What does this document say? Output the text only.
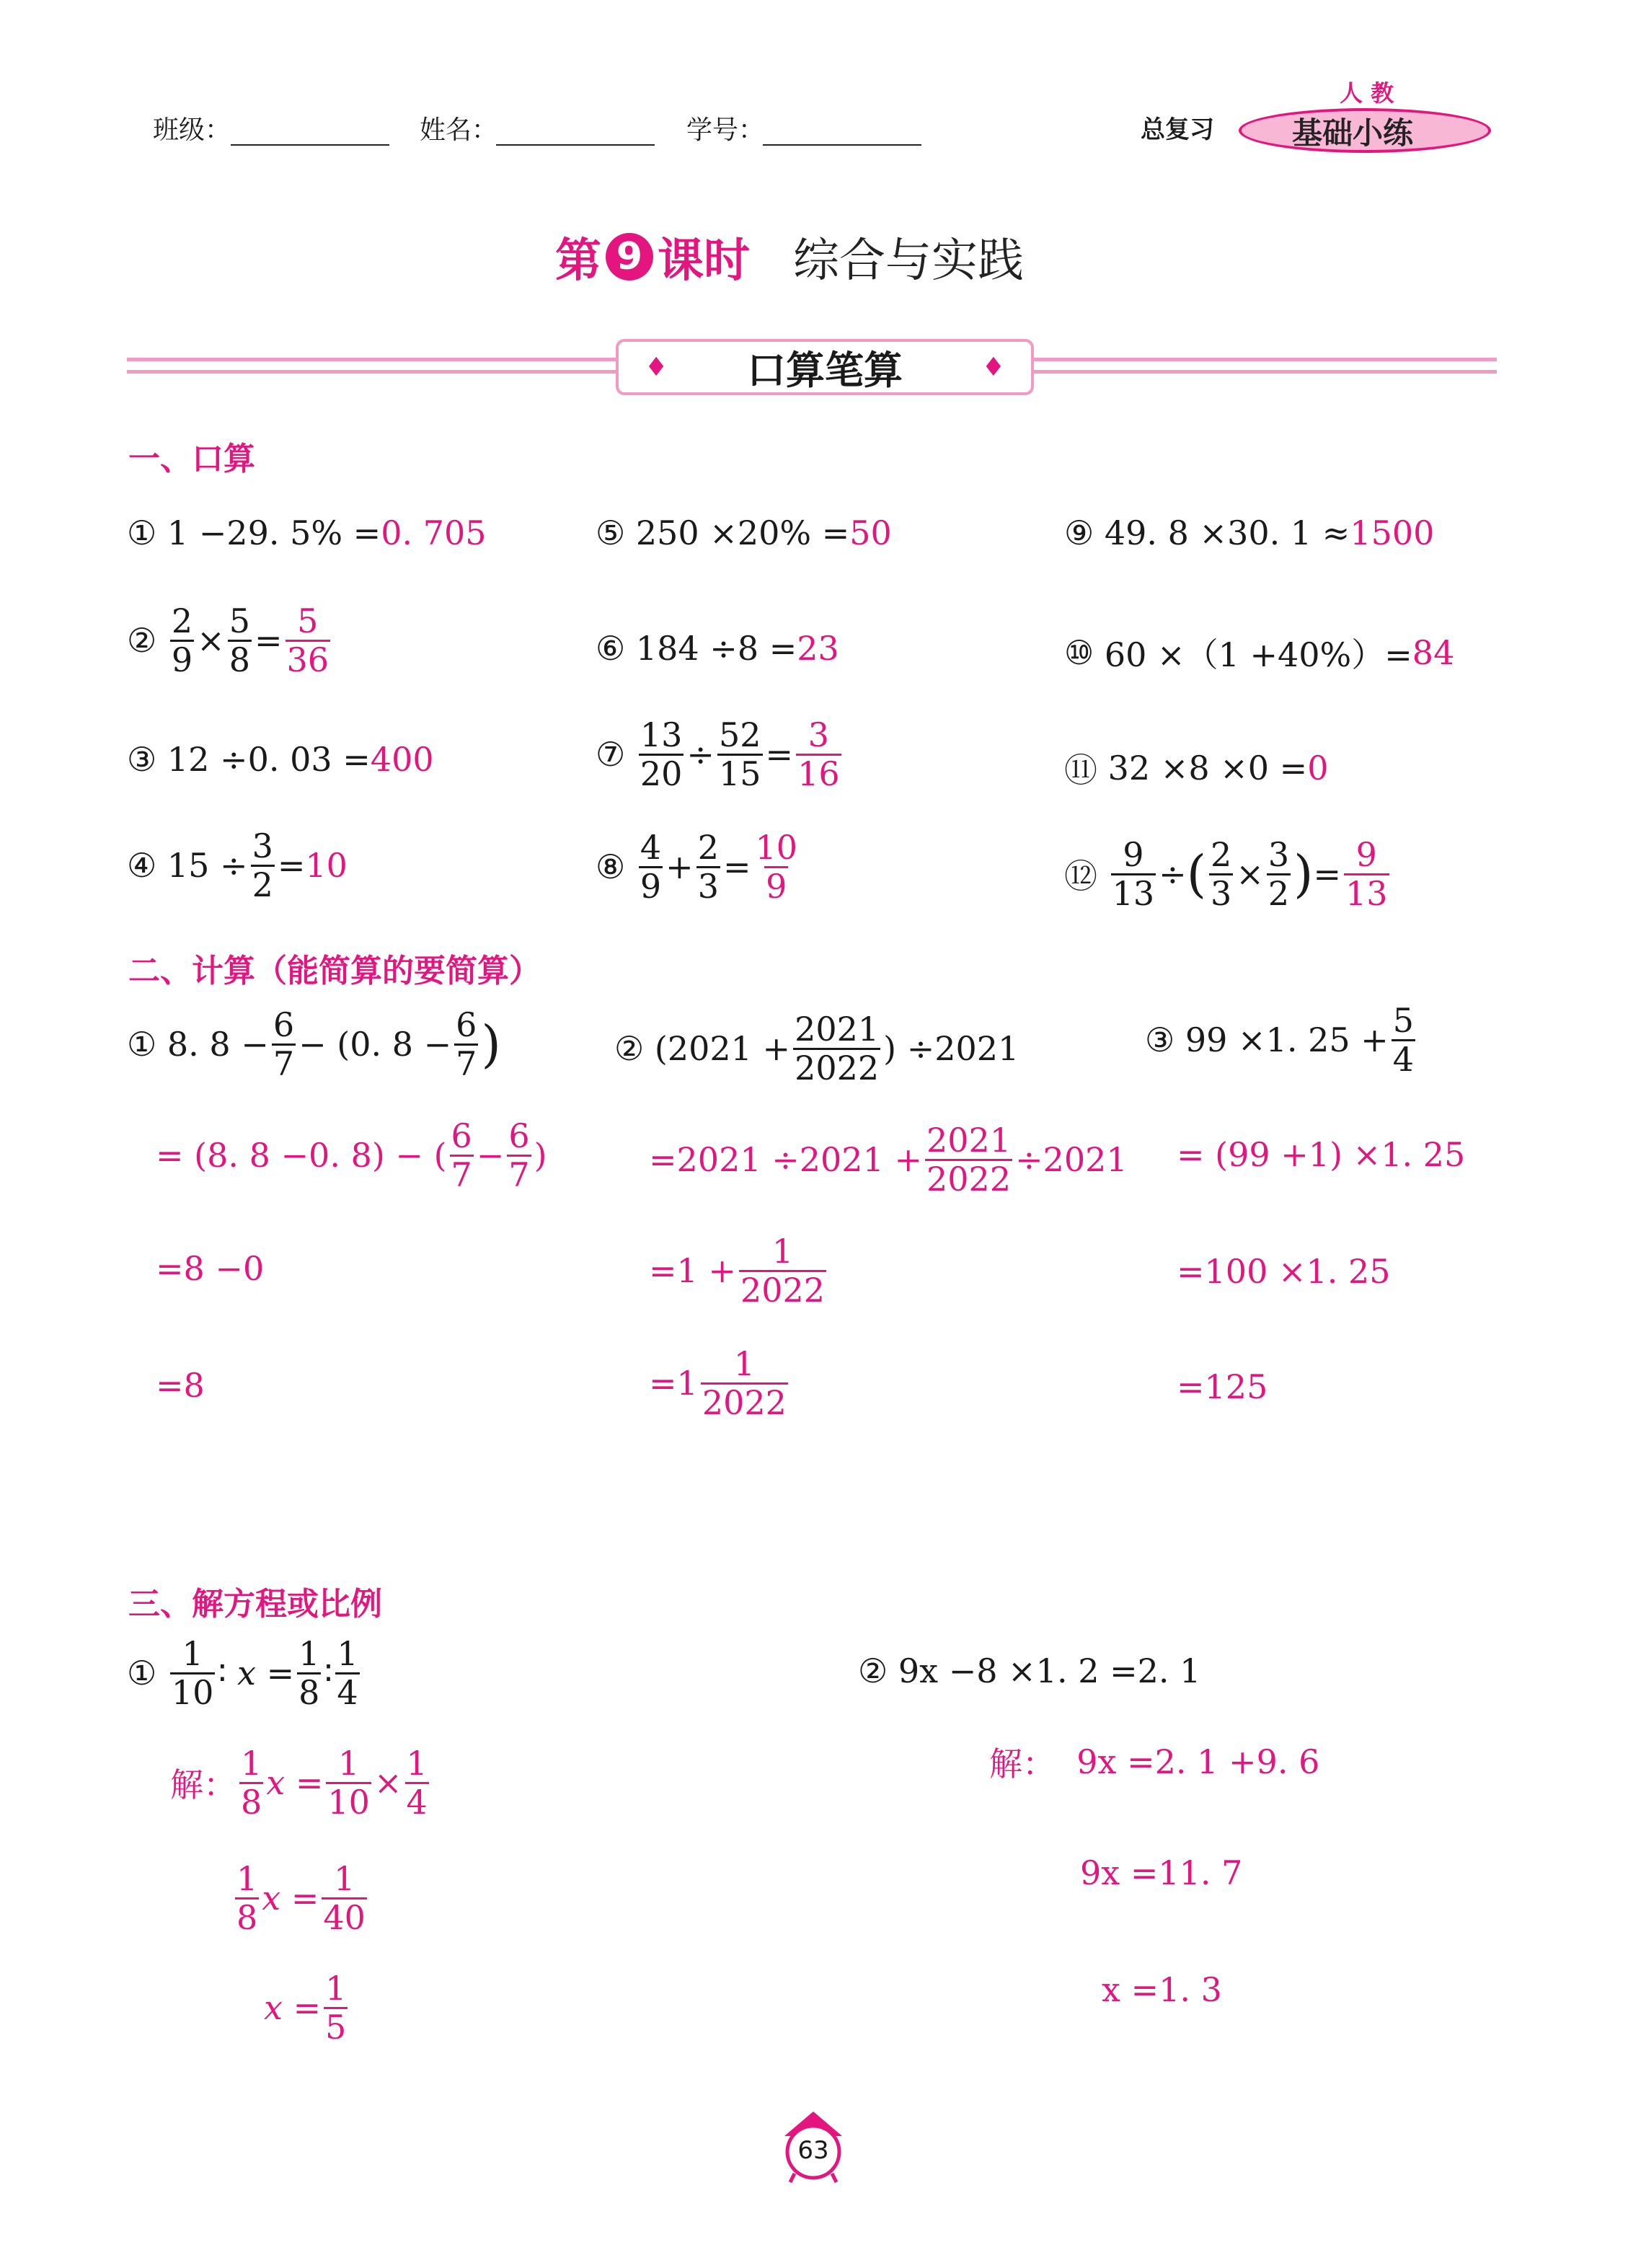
班级：	姓名：	学号：	总复习
人 教
基础小练
第 9 课时 综合与实践
♦ 口算笔算	♦
一、口算
①
1 −29. 5% = 0. 705
②
$\frac{2}{9} \times \frac{5}{8} = \frac{5}{36}$
③
12 ÷0. 03 = 400
④
$15 \div \frac{3}{2} = 10$
⑤
250 ×20% = 50
⑥
184 ÷8 = 23
⑦
$\frac{13}{20} \div \frac{52}{15} = \frac{3}{16}$
⑧
$\frac{4}{9} + \frac{2}{3} = \frac{10}{9}$
⑨
49. 8 ×30. 1 ≈ 1500
⑩
60 ×（1 +40%）= 84
⑪
32 ×8 ×0 = 0
⑫
$\frac{9}{13}$ ÷ ( $\frac{2}{3} \times \frac{3}{2}$ ) = $\frac{9}{13}$
二、计算（能简算的要简算）
①
8. $8 - \frac{6}{7} - (0$. $8 - \frac{6}{7}$ )
= (8. 8 −0. 8) − ( $\frac{6}{7} - \frac{6}{7}$ )
=8 −0
=8
②
($2021 + \frac{2021}{2022}$ ) ÷2021
$=2021 \div 2021 + \frac{2021}{2022} \div 2021$
$=1 + \frac{1}{2022}$
$=1 \frac{1}{2022}$
③
99 ×1. $25 + \frac{5}{4}$
= (99 +1) ×1. 25
=100 ×1. 25
=125
三、解方程或比例
①
$\frac{1}{10}$ ∶
x
= $\frac{1}{8}$ ∶ $\frac{1}{4}$
解： $\frac{1}{8}$ x
= $\frac{1}{10} \times \frac{1}{4}$
$\frac{1}{8}$ x
= $\frac{1}{40}$
x
= $\frac{1}{5}$
②
9x −8 ×1. 2 =2. 1
解：
9x =2. 1 +9. 6
9x =11. 7
x =1. 3
63
